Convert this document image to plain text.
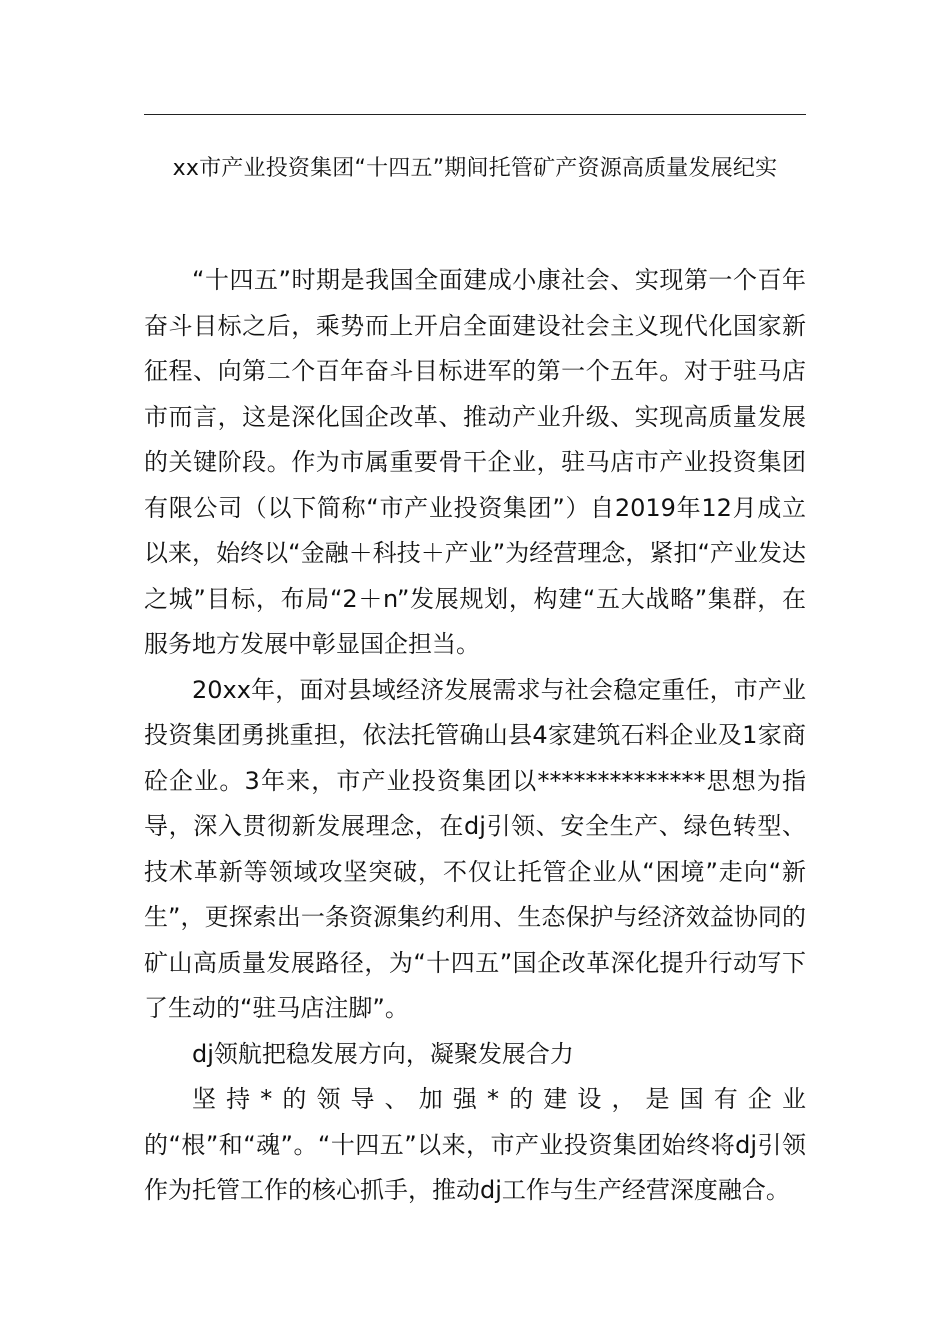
xx市产业投资集团“十四五”期间托管矿产资源高质量发展纪实

“十四五”时期是我国全面建成小康社会、实现第一个百年奋斗目标之后，乘势而上开启全面建设社会主义现代化国家新征程、向第二个百年奋斗目标进军的第一个五年。对于驻马店市而言，这是深化国企改革、推动产业升级、实现高质量发展的关键阶段。作为市属重要骨干企业，驻马店市产业投资集团有限公司（以下简称“市产业投资集团”）自2019年12月成立以来，始终以“金融＋科技＋产业”为经营理念，紧扣“产业发达之城”目标，布局“2＋n”发展规划，构建“五大战略”集群，在服务地方发展中彰显国企担当。

20xx年，面对县域经济发展需求与社会稳定重任，市产业投资集团勇挑重担，依法托管确山县4家建筑石料企业及1家商砼企业。3年来，市产业投资集团以**************思想为指导，深入贯彻新发展理念，在dj引领、安全生产、绿色转型、技术革新等领域攻坚突破，不仅让托管企业从“困境”走向“新生”，更探索出一条资源集约利用、生态保护与经济效益协同的矿山高质量发展路径，为“十四五”国企改革深化提升行动写下了生动的“驻马店注脚”。

dj领航把稳发展方向，凝聚发展合力

坚持*的领导、加强*的建设，是国有企业的“根”和“魂”。“十四五”以来，市产业投资集团始终将dj引领作为托管工作的核心抓手，推动dj工作与生产经营深度融合。
